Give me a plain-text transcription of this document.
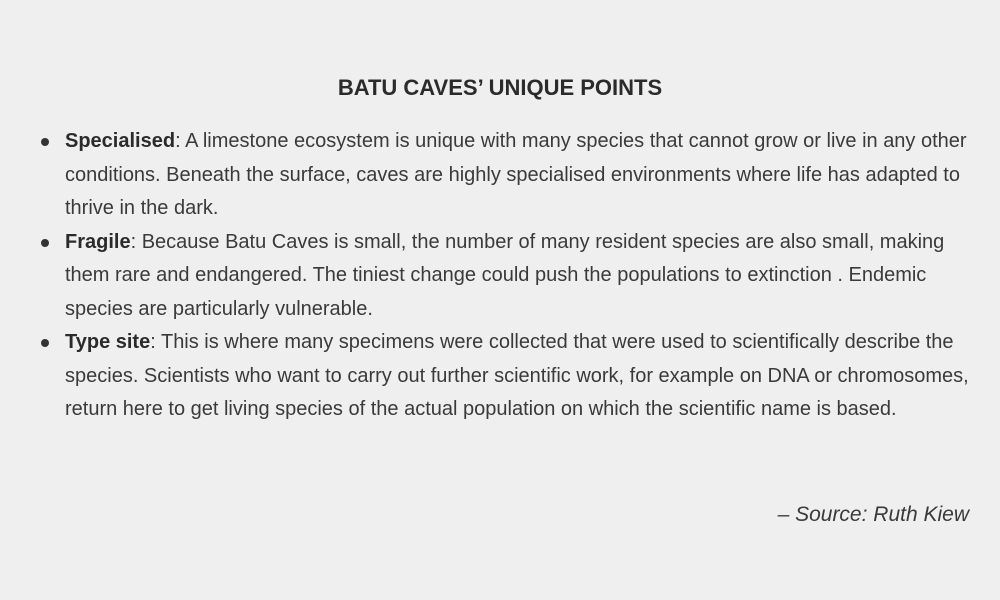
BATU CAVES’ UNIQUE POINTS
Specialised: A limestone ecosystem is unique with many species that cannot grow or live in any other conditions. Beneath the surface, caves are highly specialised environments where life has adapted to thrive in the dark.
Fragile: Because Batu Caves is small, the number of many resident species are also small, making them rare and endangered. The tiniest change could push the populations to extinction . Endemic species are particularly vulnerable.
Type site: This is where many specimens were collected that were used to scientifically describe the species. Scientists who want to carry out further scientific work, for example on DNA or chromosomes, return here to get living species of the actual population on which the scientific name is based.

– Source: Ruth Kiew
